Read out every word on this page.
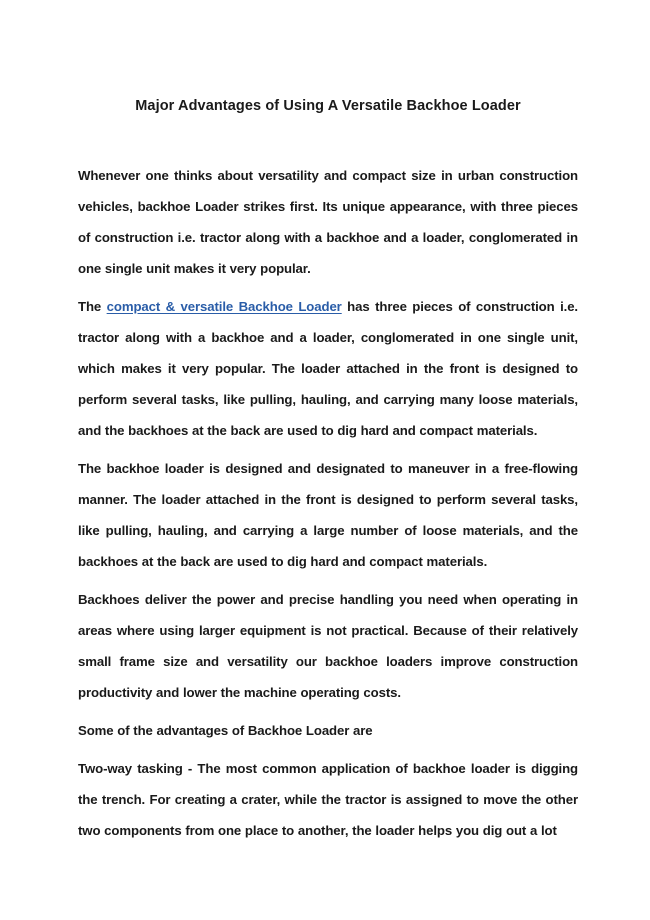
Major Advantages of Using A Versatile Backhoe Loader

Whenever one thinks about versatility and compact size in urban construction vehicles, backhoe Loader strikes first. Its unique appearance, with three pieces of construction i.e. tractor along with a backhoe and a loader, conglomerated in one single unit makes it very popular.

The compact & versatile Backhoe Loader has three pieces of construction i.e. tractor along with a backhoe and a loader, conglomerated in one single unit, which makes it very popular. The loader attached in the front is designed to perform several tasks, like pulling, hauling, and carrying many loose materials, and the backhoes at the back are used to dig hard and compact materials.

The backhoe loader is designed and designated to maneuver in a free-flowing manner. The loader attached in the front is designed to perform several tasks, like pulling, hauling, and carrying a large number of loose materials, and the backhoes at the back are used to dig hard and compact materials.

Backhoes deliver the power and precise handling you need when operating in areas where using larger equipment is not practical. Because of their relatively small frame size and versatility our backhoe loaders improve construction productivity and lower the machine operating costs.

Some of the advantages of Backhoe Loader are

Two-way tasking - The most common application of backhoe loader is digging the trench. For creating a crater, while the tractor is assigned to move the other two components from one place to another, the loader helps you dig out a lot
